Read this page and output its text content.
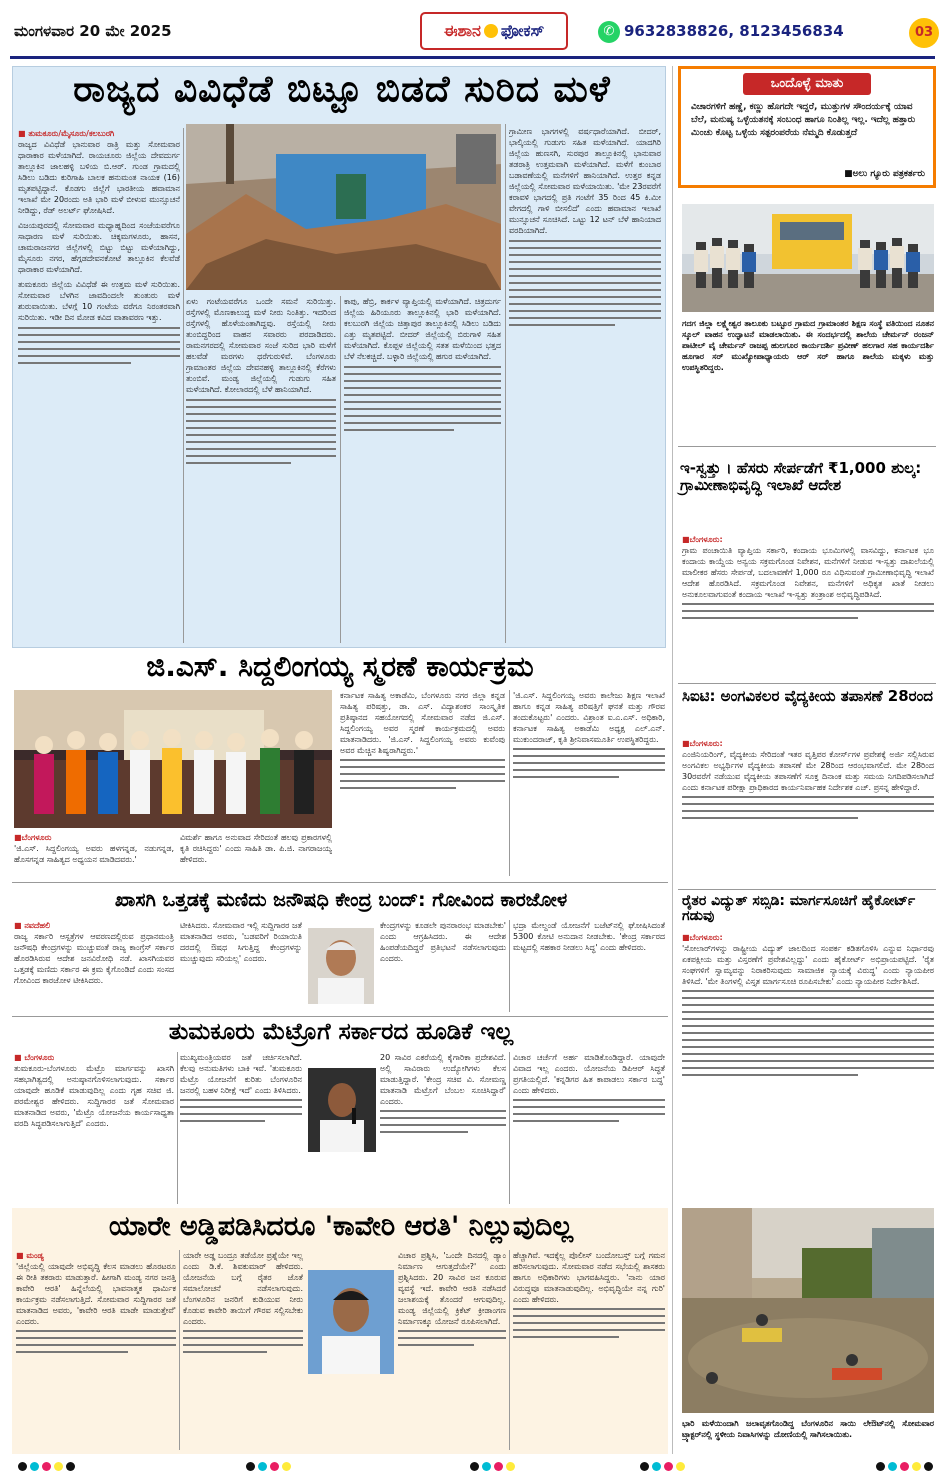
ಮಂಗಳವಾರ 20 ಮೇ 2025	ಈಶಾನ ಫೋಕಸ್	✆ 9632838826, 8123456834	03
ರಾಜ್ಯದ ವಿವಿಧೆಡೆ ಬಿಟ್ಟೂ ಬಿಡದೆ ಸುರಿದ ಮಳೆ
■ ತುಮಕೂರು/ಮೈಸೂರು/ಕಲಬುರಗಿ
ರಾಜ್ಯದ ವಿವಿಧೆಡೆ ಭಾನುವಾರ ರಾತ್ರಿ ಮತ್ತು ಸೋಮವಾರ ಧಾರಾಕಾರ ಮಳೆಯಾಗಿದೆ. ರಾಯಚೂರು ಜಿಲ್ಲೆಯ ದೇವದುರ್ಗ ತಾಲ್ಲೂಕಿನ ಜಾಲಹಳ್ಳಿ ಬಳಿಯ ಬಿ.ಆರ್. ಗುಂಡ ಗ್ರಾಮದಲ್ಲಿ ಸಿಡಿಲು ಬಡಿದು ಕುರಿಗಾಹಿ ಬಾಲಕ ಹನುಮಂತ ನಾಯಕ (16) ಮೃತಪಟ್ಟಿದ್ದಾನೆ. ಕೊಡಗು ಜಿಲ್ಲೆಗೆ ಭಾರತೀಯ ಹವಾಮಾನ ಇಲಾಖೆ ಮೇ 20ರಂದು ಅತಿ ಭಾರಿ ಮಳೆ ಬೀಳುವ ಮುನ್ಸೂಚನೆ ನೀಡಿದ್ದು, ರೆಡ್ ಅಲರ್ಟ್ ಘೋಷಿಸಿದೆ.
ವಿಜಯಪುರದಲ್ಲಿ ಸೋಮವಾರ ಮಧ್ಯಾಹ್ನದಿಂದ ಸಂಜೆಯವರೆಗೂ ಸಾಧಾರಣ ಮಳೆ ಸುರಿಯಿತು. ಚಿಕ್ಕಮಗಳೂರು, ಹಾಸನ, ಚಾಮರಾಜನಗರ ಜಿಲ್ಲೆಗಳಲ್ಲಿ ಬಿಟ್ಟು ಬಿಟ್ಟು ಮಳೆಯಾಗಿದ್ದು, ಮೈಸೂರು ನಗರ, ಹೆಗ್ಗಡದೇವನಕೋಟೆ ತಾಲ್ಲೂಕಿನ ಕೆಲವೆಡೆ ಧಾರಾಕಾರ ಮಳೆಯಾಗಿದೆ.
ತುಮಕೂರು ಜಿಲ್ಲೆಯ ವಿವಿಧೆಡೆ ಈ ಉತ್ತಮ ಮಳೆ ಸುರಿಯಿತು. ಸೋಮವಾರ ಬೆಳಗಿನ ಜಾವದಿಂದಲೇ ತುಂತುರು ಮಳೆ ಶುರುವಾಯಿತು. ಬೆಳಗ್ಗೆ 10 ಗಂಟೆಯ ವರೆಗೂ ನಿರಂತರವಾಗಿ ಸುರಿಯಿತು. ಇಡೀ ದಿನ ಮೋಡ ಕವಿದ ವಾತಾವರಣ ಇತ್ತು.
ಏಳು ಗಂಟೆಯವರೆಗೂ ಒಂದೇ ಸಮನೆ ಸುರಿಯಿತ್ತು. ರಸ್ತೆಗಳಲ್ಲಿ ಮೊಣಕಾಲುದ್ದ ಮಳೆ ನೀರು ನಿಂತಿತ್ತು. ಇದರಿಂದ ರಸ್ತೆಗಳಲ್ಲಿ ಹೊಳೆಯಂತಾಗಿದ್ದವು. ರಸ್ತೆಯಲ್ಲಿ ನೀರು ತುಂಬಿದ್ದರಿಂದ ವಾಹನ ಸವಾರರು ಪರದಾಡಿದರು. ರಾಮನಗರದಲ್ಲಿ ಸೋಮವಾರ ಸಂಜೆ ಸುರಿದ ಭಾರಿ ಮಳೆಗೆ ಹಲವೆಡೆ ಮರಗಳು ಧರೆಗುರುಳಿವೆ. ಬೆಂಗಳೂರು ಗ್ರಾಮಾಂತರ ಜಿಲ್ಲೆಯ ದೇವನಹಳ್ಳಿ ತಾಲ್ಲೂಕಿನಲ್ಲಿ ಕೆರೆಗಳು ತುಂಬಿವೆ. ಮಂಡ್ಯ ಜಿಲ್ಲೆಯಲ್ಲಿ ಗುಡುಗು ಸಹಿತ ಮಳೆಯಾಗಿದೆ. ಕೋಲಾರದಲ್ಲಿ ಬೆಳೆ ಹಾನಿಯಾಗಿದೆ.
ಕಾಪು, ಹೆಬ್ರಿ, ಕಾರ್ಕಳ ವ್ಯಾಪ್ತಿಯಲ್ಲಿ ಮಳೆಯಾಗಿದೆ. ಚಿತ್ರದುರ್ಗ ಜಿಲ್ಲೆಯ ಹಿರಿಯೂರು ತಾಲ್ಲೂಕಿನಲ್ಲಿ ಭಾರಿ ಮಳೆಯಾಗಿದೆ. ಕಲಬುರಗಿ ಜಿಲ್ಲೆಯ ಚಿತ್ತಾಪುರ ತಾಲ್ಲೂಕಿನಲ್ಲಿ ಸಿಡಿಲು ಬಡಿದು ಎತ್ತು ಮೃತಪಟ್ಟಿದೆ. ಬೀದರ್ ಜಿಲ್ಲೆಯಲ್ಲಿ ಬಿರುಗಾಳಿ ಸಹಿತ ಮಳೆಯಾಗಿದೆ. ಕೊಪ್ಪಳ ಜಿಲ್ಲೆಯಲ್ಲಿ ಸತತ ಮಳೆಯಿಂದ ಭತ್ತದ ಬೆಳೆ ನೆಲಕಚ್ಚಿದೆ. ಬಳ್ಳಾರಿ ಜಿಲ್ಲೆಯಲ್ಲಿ ಹಗುರ ಮಳೆಯಾಗಿದೆ.
ಗ್ರಾಮೀಣ ಭಾಗಗಳಲ್ಲಿ ವರ್ಷಧಾರೆಯಾಗಿದೆ. ಬೀದರ್, ಭಾಲ್ಕಿಯಲ್ಲಿ ಗುಡುಗು ಸಹಿತ ಮಳೆಯಾಗಿದೆ. ಯಾದಗಿರಿ ಜಿಲ್ಲೆಯ ಹುಣಸಗಿ, ಸುರಪುರ ತಾಲ್ಲೂಕಿನಲ್ಲಿ ಭಾನುವಾರ ತಡರಾತ್ರಿ ಉತ್ತಮವಾಗಿ ಮಳೆಯಾಗಿದೆ. ಮಳೆಗೆ ಕುಂಬಾರ ಬಡಾವಣೆಯಲ್ಲಿ ಮನೆಗಳಿಗೆ ಹಾನಿಯಾಗಿದೆ. ಉತ್ತರ ಕನ್ನಡ ಜಿಲ್ಲೆಯಲ್ಲಿ ಸೋಮವಾರ ಮಳೆಯಾಯಿತು. 'ಮೇ 23ರವರೆಗೆ ಕರಾವಳಿ ಭಾಗದಲ್ಲಿ ಪ್ರತಿ ಗಂಟೆಗೆ 35 ರಿಂದ 45 ಕಿ.ಮೀ ವೇಗದಲ್ಲಿ ಗಾಳಿ ಬೀಸಲಿದೆ' ಎಂದು ಹವಾಮಾನ ಇಲಾಖೆ ಮುನ್ಸೂಚನೆ ಸೂಚಿಸಿದೆ. ಒಟ್ಟು 12 ಟನ್ ಬೆಳೆ ಹಾನಿಯಾದ ವರದಿಯಾಗಿದೆ.
ಒಂದೊಳ್ಳೆ ಮಾತು
ವಿಚಾರಗಳಿಗೆ ಹಣ್ಣೆ, ಕಣ್ಣು ಹೊಗದೇ ಇದ್ದರೆ, ಮುತ್ತುಗಳ ಸೌಂದರ್ಯಕ್ಕೆ ಯಾವ ಬೆಲೆ, ಮನುಷ್ಯ ಒಳ್ಳೆಯತನಕ್ಕೆ ಸಂಬಂಧ ಹಾಗೂ ನಿಂತಿಲ್ಲ ಇಲ್ಲ. ಇದೆಲ್ಲ ಹತ್ತಾರು ಮಿಂಚು ಕೊಟ್ಟ ಒಳ್ಳೆಯ ಸತ್ಪರಂಪರೆಯ ನೆಮ್ಮದಿ ಕೊಡುತ್ತದೆ
■ಅಲು ಗ್ಯೂರು ಪತ್ರಕರ್ತರು
ಗದಗ ಜಿಲ್ಲಾ ಲಕ್ಷ್ಮೇಶ್ವರ ತಾಲೂಕು ಬಟ್ಟೂರ ಗ್ರಾಮದ ಗ್ರಾಮಾಂತರ ಶಿಕ್ಷಣ ಸಂಸ್ಥೆ ವತಿಯಿಂದ ನೂತನ ಸ್ಕೂಲ್ ವಾಹನ ಉದ್ಘಾಟನೆ ಮಾಡಲಾಯಿತು. ಈ ಸಂದರ್ಭದಲ್ಲಿ ಶಾಲೆಯ ಚೇರ್ಮನ್ ರಂಜನ್ ಪಾಟೀಲ್ ವೈ ಚೇರ್ಮನ್ ರಾಜಪ್ಪ ಹುಲಗೂರ ಕಾರ್ಯದರ್ಶಿ ಪ್ರವೀಣ್ ಹಲಗಾರ ಸಹ ಕಾರ್ಯದರ್ಶಿ ಹೂಗಾರ ಸರ್ ಮುಖ್ಯೋಪಾಧ್ಯಾಯರು ಆರ್ ಸರ್ ಹಾಗೂ ಶಾಲೆಯ ಮಕ್ಕಳು ಮತ್ತು ಉಪಸ್ಥಿತರಿದ್ದರು.
ಇ-ಸ್ವತ್ತು । ಹೆಸರು ಸೇರ್ಪಡೆಗೆ ₹1,000 ಶುಲ್ಕ: ಗ್ರಾಮೀಣಾಭಿವೃದ್ಧಿ ಇಲಾಖೆ ಆದೇಶ
■ಬೆಂಗಳೂರು:
ಗ್ರಾಮ ಪಂಚಾಯಿತಿ ವ್ಯಾಪ್ತಿಯ ಸರ್ಕಾರಿ, ಕಂದಾಯ ಭೂಮಿಗಳಲ್ಲಿ ವಾಸವಿದ್ದು, ಕರ್ನಾಟಕ ಭೂ ಕಂದಾಯ ಕಾಯ್ದೆಯ ಅನ್ವಯ ಸಕ್ರಮಗೊಂಡ ನಿವೇಶನ, ಮನೆಗಳಿಗೆ ನೀಡುವ ಇ-ಸ್ವತ್ತು ದಾಖಲೆಯಲ್ಲಿ ಮಾಲೀಕರ ಹೆಸರು ಸೇರ್ಪಡೆ, ಬದಲಾವಣೆಗೆ 1,000 ರೂ ವಿಧಿಸುವಂತೆ ಗ್ರಾಮೀಣಾಭಿವೃದ್ಧಿ ಇಲಾಖೆ ಆದೇಶ ಹೊರಡಿಸಿದೆ. ಸಕ್ರಮಗೊಂಡ ನಿವೇಶನ, ಮನೆಗಳಿಗೆ ಅಧಿಕೃತ ಖಾತೆ ನೀಡಲು ಅನುಕೂಲವಾಗುವಂತೆ ಕಂದಾಯ ಇಲಾಖೆ ಇ-ಸ್ವತ್ತು ತಂತ್ರಾಂಶ ಅಭಿವೃದ್ಧಿಪಡಿಸಿದೆ.
ಸಿಐಟಿ: ಅಂಗವಿಕಲರ ವೈದ್ಯಕೀಯ ತಪಾಸಣೆ 28ರಂದ
■ಬೆಂಗಳೂರು:
ಎಂಜಿನಿಯರಿಂಗ್, ವೈದ್ಯಕೀಯ ಸೇರಿದಂತೆ ಇತರ ವೃತ್ತಿಪರ ಕೋರ್ಸ್‌ಗಳ ಪ್ರವೇಶಕ್ಕೆ ಅರ್ಜಿ ಸಲ್ಲಿಸಿರುವ ಅಂಗವಿಕಲ ಅಭ್ಯರ್ಥಿಗಳ ವೈದ್ಯಕೀಯ ತಪಾಸಣೆ ಮೇ 28ರಿಂದ ಆರಂಭವಾಗಲಿದೆ. ಮೇ 28ರಿಂದ 30ರವರೆಗೆ ನಡೆಯುವ ವೈದ್ಯಕೀಯ ತಪಾಸಣೆಗೆ ಸೂಕ್ತ ದಿನಾಂಕ ಮತ್ತು ಸಮಯ ನಿಗದಿಪಡಿಸಲಾಗಿದೆ ಎಂದು ಕರ್ನಾಟಕ ಪರೀಕ್ಷಾ ಪ್ರಾಧಿಕಾರದ ಕಾರ್ಯನಿರ್ವಾಹಕ ನಿರ್ದೇಶಕ ಎಚ್. ಪ್ರಸನ್ನ ಹೇಳಿದ್ದಾರೆ.
ರೈತರ ವಿದ್ಯುತ್ ಸಬ್ಸಿಡಿ: ಮಾರ್ಗಸೂಚಿಗೆ ಹೈಕೋರ್ಟ್ ಗಡುವು
■ಬೆಂಗಳೂರು:
'ಸೋಲಾರ್‌ಗಳನ್ನು ರಾಷ್ಟ್ರೀಯ ವಿದ್ಯುತ್ ಜಾಲದಿಂದ ಸಂಪರ್ಕ ಕಡಿತಗೊಳಿಸಿ ಎನ್ನುವ ನಿರ್ಧಾರವು ಏಕಪಕ್ಷೀಯ ಮತ್ತು ವಿಸ್ತರಣೆಗೆ ಪ್ರವೇಶವಿಲ್ಲದ್ದು' ಎಂದು ಹೈಕೋರ್ಟ್ ಅಭಿಪ್ರಾಯಪಟ್ಟಿದೆ. 'ರೈತ ಸಂಘಗಳಿಗೆ ಸ್ವಾಮ್ಯವನ್ನು ನಿರಾಕರಿಸುವುದು ಸಾಮಾಜಿಕ ನ್ಯಾಯಕ್ಕೆ ವಿರುದ್ಧ' ಎಂದು ನ್ಯಾಯಪೀಠ ತಿಳಿಸಿದೆ. 'ಮೇ ತಿಂಗಳಲ್ಲಿ ವಿಸ್ತೃತ ಮಾರ್ಗಸೂಚಿ ರೂಪಿಸಬೇಕು' ಎಂದು ನ್ಯಾಯಪೀಠ ನಿರ್ದೇಶಿಸಿದೆ.
ಭಾರಿ ಮಳೆಯಿಂದಾಗಿ ಜಲಾವೃತಗೊಂಡಿದ್ದ ಬೆಂಗಳೂರಿನ ಸಾಯಿ ಲೇಔಟ್‌ನಲ್ಲಿ ಸೋಮವಾರ ಟ್ರ್ಯಾಕ್ಟರ್‌ನಲ್ಲಿ ಸ್ಥಳೀಯ ನಿವಾಸಿಗಳನ್ನು ದೋಣಿಯಲ್ಲಿ ಸಾಗಿಸಲಾಯಿತು.
ಜಿ.ಎಸ್. ಸಿದ್ದಲಿಂಗಯ್ಯ ಸ್ಮರಣೆ ಕಾರ್ಯಕ್ರಮ
■ಬೆಂಗಳೂರು
'ಜಿ.ಎಸ್. ಸಿದ್ದಲಿಂಗಯ್ಯ ಅವರು ಹಳಗನ್ನಡ, ನಡುಗನ್ನಡ, ಹೊಸಗನ್ನಡ ಸಾಹಿತ್ಯದ ಅಧ್ಯಯನ ಮಾಡಿದವರು.'
ವಿಮರ್ಶೆ ಹಾಗೂ ಅನುವಾದ ಸೇರಿದಂತೆ ಹಲವು ಪ್ರಕಾರಗಳಲ್ಲಿ ಕೃತಿ ರಚಿಸಿದ್ದರು' ಎಂದು ಸಾಹಿತಿ ಡಾ. ಪಿ.ಜಿ. ನಾಗರಾಜಯ್ಯ ಹೇಳಿದರು.
ಕರ್ನಾಟಕ ಸಾಹಿತ್ಯ ಅಕಾಡೆಮಿ, ಬೆಂಗಳೂರು ನಗರ ಜಿಲ್ಲಾ ಕನ್ನಡ ಸಾಹಿತ್ಯ ಪರಿಷತ್ತು, ಡಾ. ಎಸ್. ವಿದ್ಯಾಶಂಕರ ಸಾಂಸ್ಕೃತಿಕ ಪ್ರತಿಷ್ಠಾನದ ಸಹಯೋಗದಲ್ಲಿ ಸೋಮವಾರ ನಡೆದ ಜಿ.ಎಸ್. ಸಿದ್ದಲಿಂಗಯ್ಯ ಅವರ ಸ್ಮರಣೆ ಕಾರ್ಯಕ್ರಮದಲ್ಲಿ ಅವರು ಮಾತನಾಡಿದರು. 'ಜಿ.ಎಸ್. ಸಿದ್ದಲಿಂಗಯ್ಯ ಅವರು ಕುವೆಂಪು ಅವರ ಮೆಚ್ಚಿನ ಶಿಷ್ಯರಾಗಿದ್ದರು.'
'ಜಿ.ಎಸ್. ಸಿದ್ದಲಿಂಗಯ್ಯ ಅವರು ಕಾಲೇಜು ಶಿಕ್ಷಣ ಇಲಾಖೆ ಹಾಗೂ ಕನ್ನಡ ಸಾಹಿತ್ಯ ಪರಿಷತ್ತಿಗೆ ಘನತೆ ಮತ್ತು ಗೌರವ ತಂದುಕೊಟ್ಟರು' ಎಂದರು. ವಿಶ್ರಾಂತ ಐ.ಎ.ಎಸ್. ಅಧಿಕಾರಿ, ಕರ್ನಾಟಕ ಸಾಹಿತ್ಯ ಅಕಾಡೆಮಿ ಅಧ್ಯಕ್ಷ ಎಲ್.ಎನ್. ಮುಕುಂದರಾಜ್, ಕೃತಿ ಶ್ರೀನಿವಾಸಮೂರ್ತಿ ಉಪಸ್ಥಿತರಿದ್ದರು.
ಖಾಸಗಿ ಒತ್ತಡಕ್ಕೆ ಮಣಿದು ಜನೌಷಧಿ ಕೇಂದ್ರ ಬಂದ್: ಗೋವಿಂದ ಕಾರಜೋಳ
■ ನವದೆಹಲಿ
ರಾಜ್ಯ ಸರ್ಕಾರಿ ಆಸ್ಪತ್ರೆಗಳ ಆವರಣದಲ್ಲಿರುವ ಪ್ರಧಾನಮಂತ್ರಿ ಜನೌಷಧಿ ಕೇಂದ್ರಗಳನ್ನು ಮುಚ್ಚುವಂತೆ ರಾಜ್ಯ ಕಾಂಗ್ರೆಸ್ ಸರ್ಕಾರ ಹೊರಡಿಸಿರುವ ಆದೇಶ ಜನವಿರೋಧಿ ನಡೆ. ಖಾಸಗಿಯವರ ಒತ್ತಡಕ್ಕೆ ಮಣಿದು ಸರ್ಕಾರ ಈ ಕ್ರಮ ಕೈಗೊಂಡಿದೆ ಎಂದು ಸಂಸದ ಗೋವಿಂದ ಕಾರಜೋಳ ಟೀಕಿಸಿದರು.
ಟೀಕಿಸಿದರು. ಸೋಮವಾರ ಇಲ್ಲಿ ಸುದ್ದಿಗಾರರ ಜತೆ ಮಾತನಾಡಿದ ಅವರು, 'ಬಡವರಿಗೆ ರಿಯಾಯಿತಿ ದರದಲ್ಲಿ ಔಷಧ ಸಿಗುತ್ತಿದ್ದ ಕೇಂದ್ರಗಳನ್ನು ಮುಚ್ಚುವುದು ಸರಿಯಲ್ಲ' ಎಂದರು.
ಕೇಂದ್ರಗಳನ್ನು ಕೂಡಲೇ ಪುನರಾರಂಭ ಮಾಡಬೇಕು' ಎಂದು ಆಗ್ರಹಿಸಿದರು. ಈ ಆದೇಶ ಹಿಂಪಡೆಯದಿದ್ದರೆ ಪ್ರತಿಭಟನೆ ನಡೆಸಲಾಗುವುದು ಎಂದರು.
ಭದ್ರಾ ಮೇಲ್ದಂಡೆ ಯೋಜನೆಗೆ ಬಜೆಟ್‌ನಲ್ಲಿ ಘೋಷಿಸಿದಂತೆ 5300 ಕೋಟಿ ಅನುದಾನ ನೀಡಬೇಕು. 'ಕೇಂದ್ರ ಸರ್ಕಾರದ ಮಟ್ಟದಲ್ಲಿ ಸಹಕಾರ ನೀಡಲು ಸಿದ್ಧ' ಎಂದು ಹೇಳಿದರು.
ತುಮಕೂರು ಮೆಟ್ರೊಗೆ ಸರ್ಕಾರದ ಹೂಡಿಕೆ ಇಲ್ಲ
■ ಬೆಂಗಳೂರು
ತುಮಕೂರು-ಬೆಂಗಳೂರು ಮೆಟ್ರೊ ಮಾರ್ಗವನ್ನು ಖಾಸಗಿ ಸಹಭಾಗಿತ್ವದಲ್ಲಿ ಅನುಷ್ಠಾನಗೊಳಿಸಲಾಗುವುದು. ಸರ್ಕಾರ ಯಾವುದೇ ಹೂಡಿಕೆ ಮಾಡುವುದಿಲ್ಲ ಎಂದು ಗೃಹ ಸಚಿವ ಜಿ. ಪರಮೇಶ್ವರ ಹೇಳಿದರು. ಸುದ್ದಿಗಾರರ ಜತೆ ಸೋಮವಾರ ಮಾತನಾಡಿದ ಅವರು, 'ಮೆಟ್ರೊ ಯೋಜನೆಯ ಕಾರ್ಯಸಾಧ್ಯತಾ ವರದಿ ಸಿದ್ಧಪಡಿಸಲಾಗುತ್ತಿದೆ' ಎಂದರು.
ಮುಖ್ಯಮಂತ್ರಿಯವರ ಜತೆ ಚರ್ಚಿಸಲಾಗಿದೆ. ಕೆಲವು ಅನುಮತಿಗಳು ಬಾಕಿ ಇವೆ. 'ತುಮಕೂರು ಮೆಟ್ರೊ ಯೋಜನೆಗೆ ಕುರಿತು ಬೆಂಗಳೂರಿನ ಜನರಲ್ಲಿ ಬಹಳ ನಿರೀಕ್ಷೆ ಇದೆ' ಎಂದು ತಿಳಿಸಿದರು.
20 ಸಾವಿರ ಎಕರೆಯಲ್ಲಿ ಕೈಗಾರಿಕಾ ಪ್ರದೇಶವಿದೆ. ಅಲ್ಲಿ ಸಾವಿರಾರು ಉದ್ಯೋಗಿಗಳು ಕೆಲಸ ಮಾಡುತ್ತಿದ್ದಾರೆ. 'ಕೇಂದ್ರ ಸಚಿವ ವಿ. ಸೋಮಣ್ಣ ಮಾತನಾಡಿ ಮೆಟ್ರೊಗೆ ಬೆಂಬಲ ಸೂಚಿಸಿದ್ದಾರೆ' ಎಂದರು.
ವಿಚಾರ ಚರ್ಚೆಗೆ ಅರ್ಹ ಮಾಡಿಕೊಂಡಿದ್ದಾರೆ. ಯಾವುದೇ ವಿವಾದ ಇಲ್ಲ ಎಂದರು. ಯೋಜನೆಯ ಡಿಪಿಆರ್ ಸಿದ್ಧತೆ ಪ್ರಗತಿಯಲ್ಲಿದೆ. 'ಕನ್ನಡಿಗರ ಹಿತ ಕಾಪಾಡಲು ಸರ್ಕಾರ ಬದ್ಧ' ಎಂದು ಹೇಳಿದರು.
ಯಾರೇ ಅಡ್ಡಿಪಡಿಸಿದರೂ 'ಕಾವೇರಿ ಆರತಿ' ನಿಲ್ಲುವುದಿಲ್ಲ
■ ಮಂಡ್ಯ
'ಜಿಲ್ಲೆಯಲ್ಲಿ ಯಾವುದೇ ಅಭಿವೃದ್ಧಿ ಕೆಲಸ ಮಾಡಲು ಹೊರಟರೂ ಈ ರೀತಿ ತಕರಾರು ಮಾಡುತ್ತಾರೆ. ಹೀಗಾಗಿ ಮಂಡ್ಯ ನಗರ ಜನತ್ತಿ ಕಾವೇರಿ ಆರತಿ' ಹಿನ್ನೆಲೆಯಲ್ಲಿ ಭಾವನಾತ್ಮಕ ಧಾರ್ಮಿಕ ಕಾರ್ಯಕ್ರಮ ನಡೆಸಲಾಗುತ್ತಿದೆ. ಸೋಮವಾರ ಸುದ್ದಿಗಾರರ ಜತೆ ಮಾತನಾಡಿದ ಅವರು, 'ಕಾವೇರಿ ಆರತಿ ಮಾಡೇ ಮಾಡುತ್ತೇವೆ' ಎಂದರು.
ಯಾರೇ ಅಡ್ಡ ಬಂದ್ರೂ ತಡೆಯೋ ಪ್ರಶ್ನೆಯೇ ಇಲ್ಲ ಎಂದು ಡಿ.ಕೆ. ಶಿವಕುಮಾರ್ ಹೇಳಿದರು. ಯೋಜನೆಯ ಬಗ್ಗೆ ರೈತರ ಜೊತೆ ಸಮಾಲೋಚನೆ ನಡೆಸಲಾಗುವುದು. ಬೆಂಗಳೂರಿನ ಜನರಿಗೆ ಕುಡಿಯುವ ನೀರು ಕೊಡುವ ಕಾವೇರಿ ತಾಯಿಗೆ ಗೌರವ ಸಲ್ಲಿಸಬೇಕು ಎಂದರು.
ವಿಚಾರ ಪ್ರಶ್ನಿಸಿ, 'ಒಂದೇ ದಿನದಲ್ಲಿ ಡ್ಯಾಂ ನಿರ್ಮಾಣ ಆಗುತ್ತದೆಯೇ?' ಎಂದು ಪ್ರಶ್ನಿಸಿದರು. 20 ಸಾವಿರ ಜನ ಕೂರುವ ವ್ಯವಸ್ಥೆ ಇದೆ. ಕಾವೇರಿ ಆರತಿ ನಡೆಸಿದರೆ ಜಲಾಶಯಕ್ಕೆ ತೊಂದರೆ ಆಗುವುದಿಲ್ಲ. ಮಂಡ್ಯ ಜಿಲ್ಲೆಯಲ್ಲಿ ಕ್ರಿಕೆಟ್ ಕ್ರೀಡಾಂಗಣ ನಿರ್ಮಾಣಕ್ಕೂ ಯೋಜನೆ ರೂಪಿಸಲಾಗಿದೆ.
ಹೆಚ್ಚಾಗಿವೆ. ಇದಕ್ಕೆಲ್ಲ ಪೊಲೀಸ್ ಬಂದೋಬಸ್ತ್ ಬಗ್ಗೆ ಗಮನ ಹರಿಸಲಾಗುವುದು. ಸೋಮವಾರ ನಡೆದ ಸಭೆಯಲ್ಲಿ ಶಾಸಕರು ಹಾಗೂ ಅಧಿಕಾರಿಗಳು ಭಾಗವಹಿಸಿದ್ದರು. 'ನಾನು ಯಾರ ವಿರುದ್ಧವೂ ಮಾತನಾಡುವುದಿಲ್ಲ. ಅಭಿವೃದ್ಧಿಯೇ ನನ್ನ ಗುರಿ' ಎಂದು ಹೇಳಿದರು.
